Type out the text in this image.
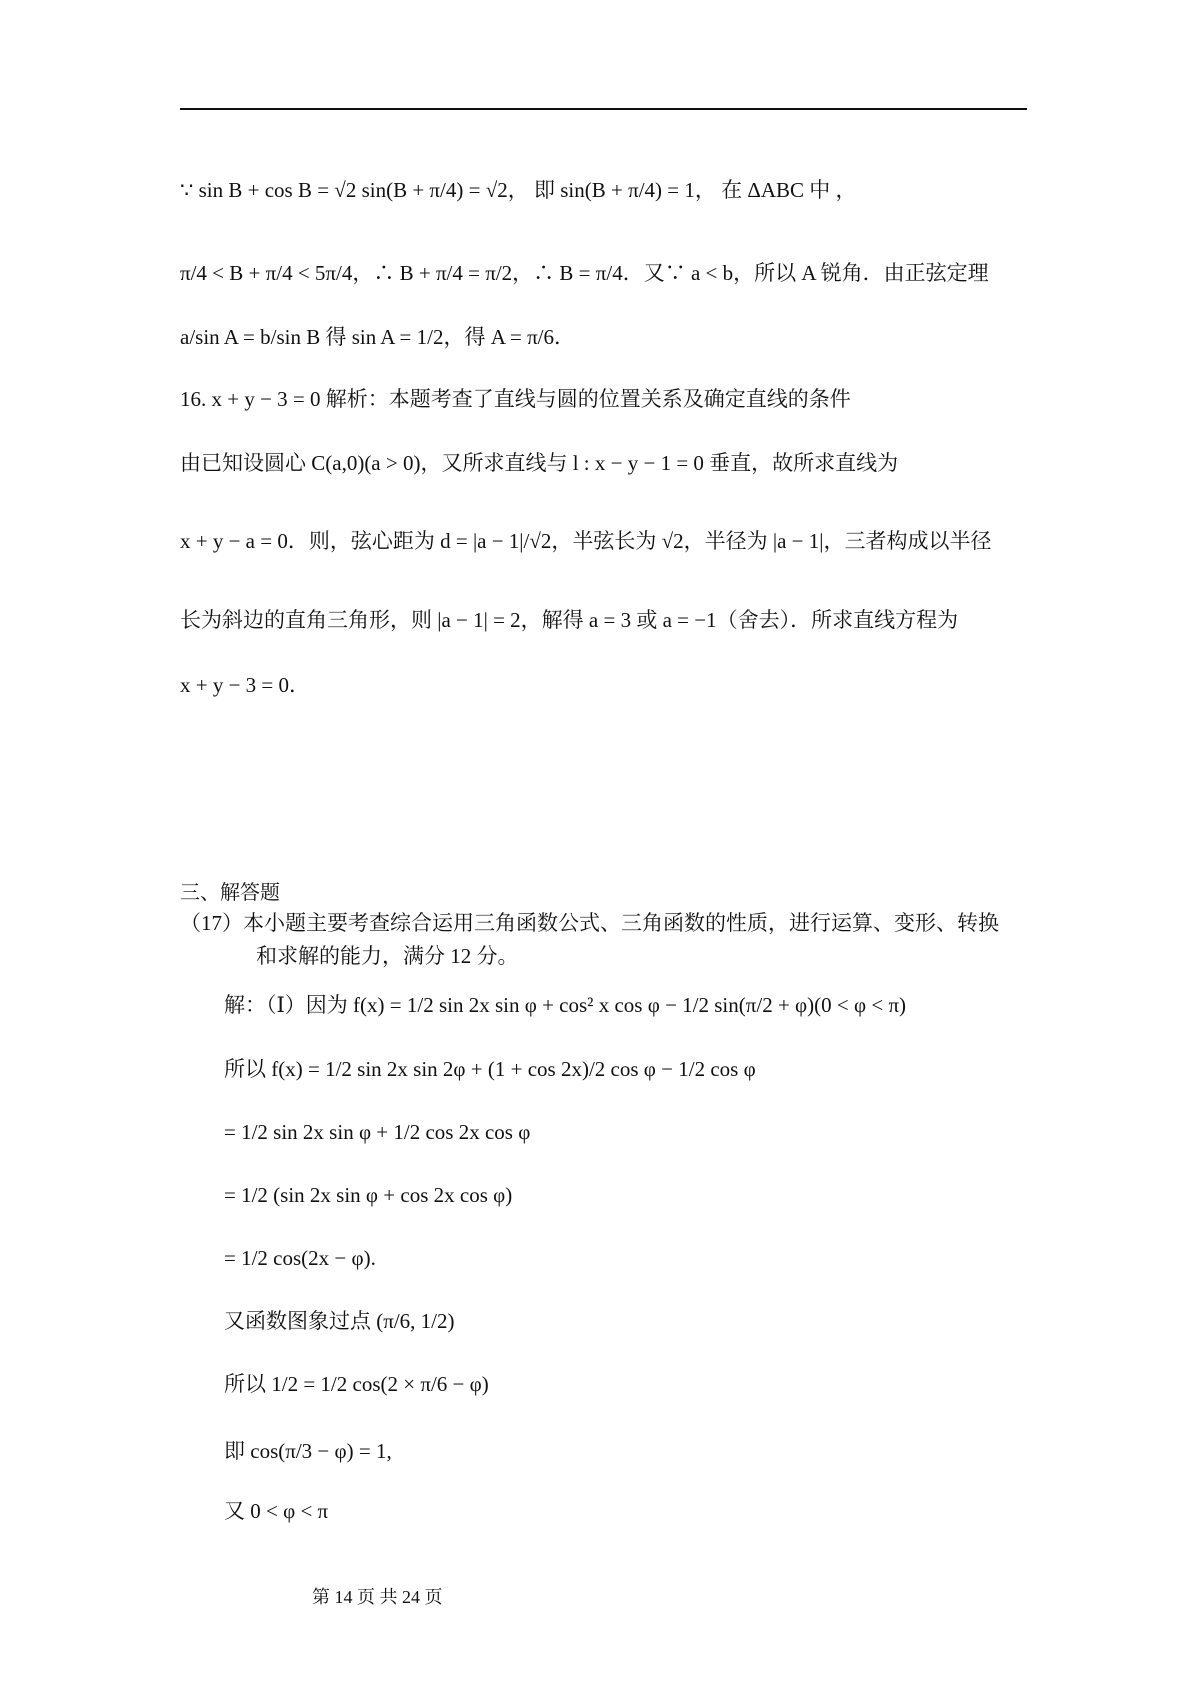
∵ sin B + cos B = √2 sin(B + π/4) = √2， 即 sin(B + π/4) = 1， 在 ΔABC 中 ，
π/4 < B + π/4 < 5π/4，∴ B + π/4 = π/2，∴ B = π/4．又∵ a < b，所以 A 锐角．由正弦定理
a/sin A = b/sin B 得 sin A = 1/2，得 A = π/6．
16. x + y − 3 = 0 解析：本题考查了直线与圆的位置关系及确定直线的条件
由已知设圆心 C(a,0)(a > 0)，又所求直线与 l : x − y − 1 = 0 垂直，故所求直线为
x + y − a = 0．则，弦心距为 d = |a − 1|/√2，半弦长为 √2，半径为 |a − 1|，三者构成以半径
长为斜边的直角三角形，则 |a − 1| = 2，解得 a = 3 或 a = −1（舍去）．所求直线方程为
x + y − 3 = 0．
三、解答题
（17）本小题主要考查综合运用三角函数公式、三角函数的性质，进行运算、变形、转换
和求解的能力，满分 12 分。
解：（Ⅰ）因为 f(x) = 1/2 sin 2x sin φ + cos² x cos φ − 1/2 sin(π/2 + φ)(0 < φ < π)
所以 f(x) = 1/2 sin 2x sin 2φ + (1 + cos 2x)/2 cos φ − 1/2 cos φ
= 1/2 sin 2x sin φ + 1/2 cos 2x cos φ
= 1/2 (sin 2x sin φ + cos 2x cos φ)
= 1/2 cos(2x − φ).
又函数图象过点 (π/6, 1/2)
所以 1/2 = 1/2 cos(2 × π/6 − φ)
即 cos(π/3 − φ) = 1,
又 0 < φ < π
第 14 页 共 24 页
